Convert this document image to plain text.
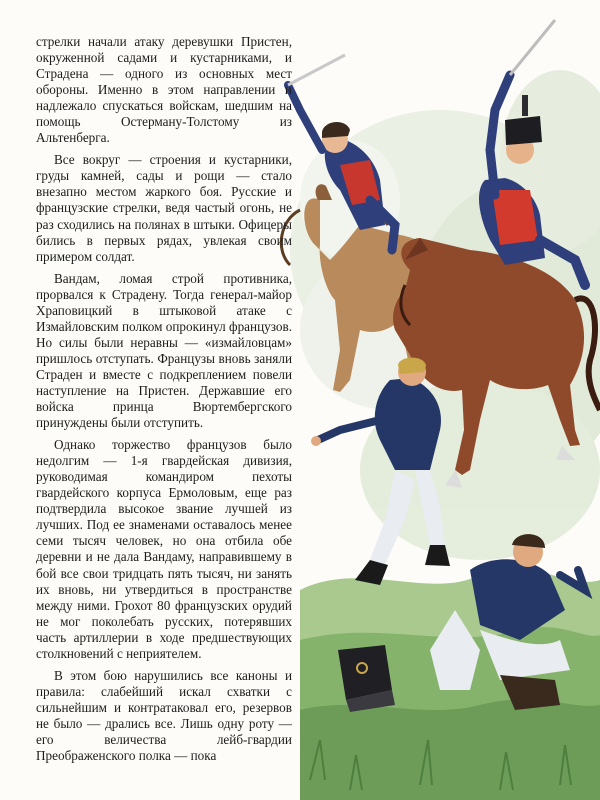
стрелки начали атаку деревушки Пристен, окруженной садами и кустарниками, и Страдена — одного из основных мест обороны. Именно в этом направлении и надлежало спускаться войскам, шедшим на помощь Остерману-Толстому из Альтенберга.

Все вокруг — строения и кустарники, груды камней, сады и рощи — стало внезапно местом жаркого боя. Русские и французские стрелки, ведя частый огонь, не раз сходились на полянах в штыки. Офицеры бились в первых рядах, увлекая своим примером солдат.

Вандам, ломая строй противника, прорвался к Страдену. Тогда генерал-майор Храповицкий в штыковой атаке с Измайловским полком опрокинул французов. Но силы были неравны — «измайловцам» пришлось отступать. Французы вновь заняли Страден и вместе с подкреплением повели наступление на Пристен. Державшие его войска принца Вюртембергского принуждены были отступить.

Однако торжество французов было недолгим — 1-я гвардейская дивизия, руководимая командиром пехоты гвардейского корпуса Ермоловым, еще раз подтвердила высокое звание лучшей из лучших. Под ее знаменами оставалось менее семи тысяч человек, но она отбила обе деревни и не дала Вандаму, направившему в бой все свои тридцать пять тысяч, ни занять их вновь, ни утвердиться в пространстве между ними. Грохот 80 французских орудий не мог поколебать русских, потерявших часть артиллерии в ходе предшествующих столкновений с неприятелем.

В этом бою нарушились все каноны и правила: слабейший искал схватки с сильнейшим и контратаковал его, резервов не было — дрались все. Лишь одну роту — его величества лейб-гвардии Преображенского полка — пока
